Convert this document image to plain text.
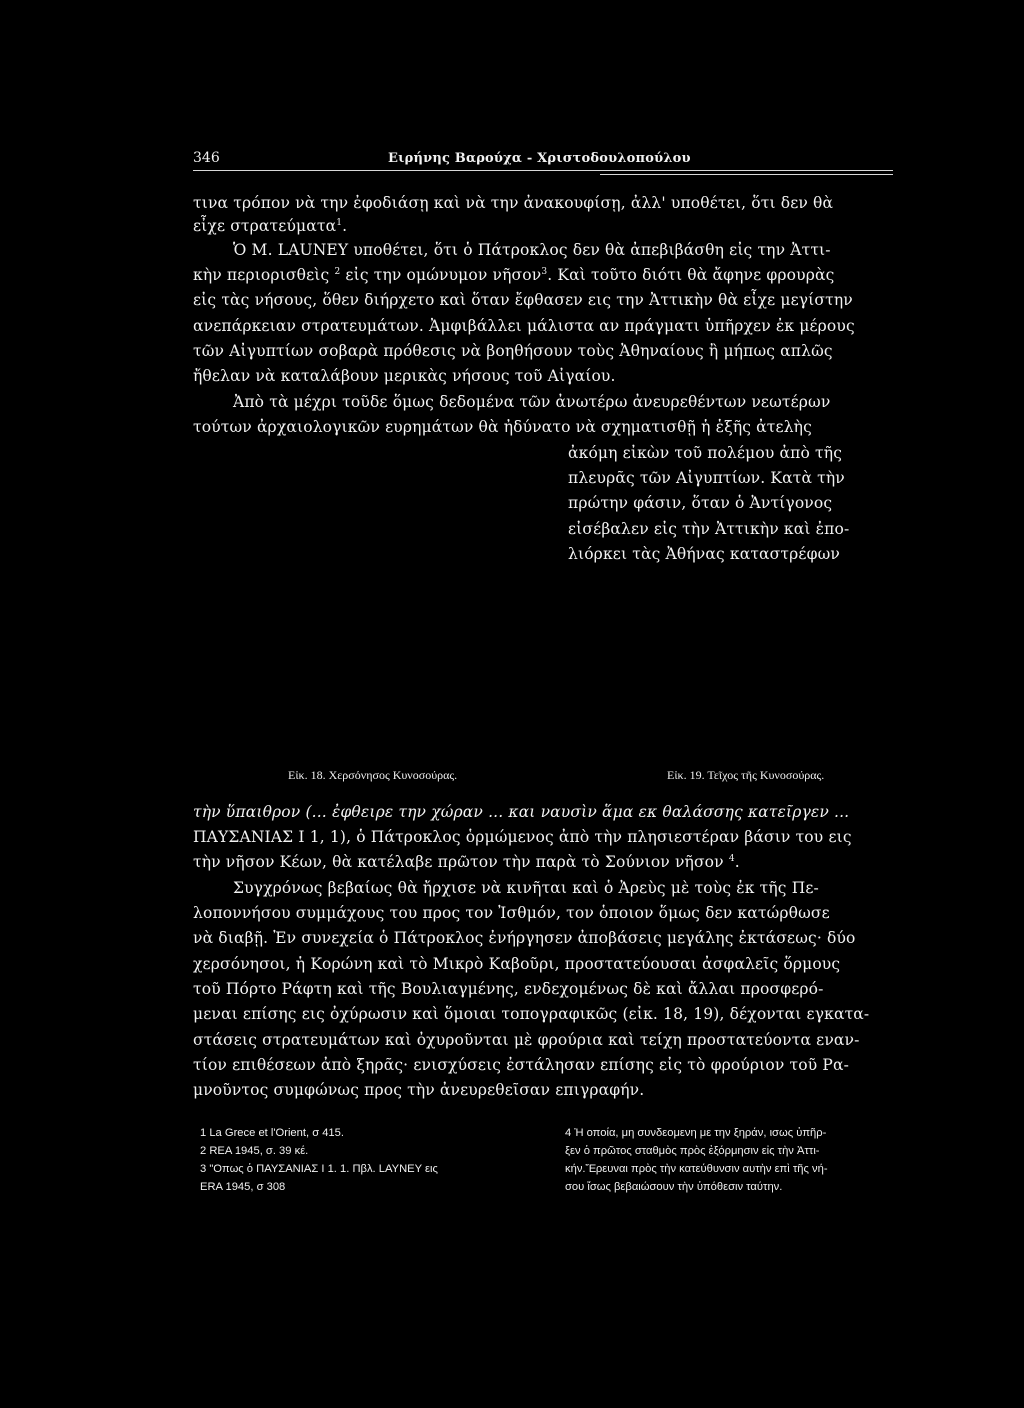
346	Ειρήνης Βαρούχα - Χριστοδουλοπούλου
τινα τρόπον νὰ την ἐφοδιάσῃ καὶ νὰ την ἀνακουφίσῃ, ἀλλ' υποθέτει, ὅτι δεν θὰ
εἶχε στρατεύματα$^1$.
Ὁ Μ. LAUNEY υποθέτει, ὅτι ὁ Πάτροκλος δεν θὰ ἀπεβιβάσθη εἰς την Ἀττι-
κὴν περιορισθεὶς $^2$ εἰς την ομώνυμον νῆσον$^3$. Καὶ τοῦτο διότι θὰ ἄφηνε φρουρὰς
εἰς τὰς νήσους, ὅθεν διήρχετο καὶ ὅταν ἔφθασεν εις την Ἀττικὴν θὰ εἶχε μεγίστην
ανεπάρκειαν στρατευμάτων. Ἀμφιβάλλει μάλιστα αν πράγματι ὑπῆρχεν ἐκ μέρους
τῶν Αἰγυπτίων σοβαρὰ πρόθεσις νὰ βοηθήσουν τοὺς Ἀθηναίους ἢ μήπως απλῶς
ἤθελαν νὰ καταλάβουν μερικὰς νήσους τοῦ Αἰγαίου.
Ἀπὸ τὰ μέχρι τοῦδε ὅμως δεδομένα τῶν ἀνωτέρω ἀνευρεθέντων νεωτέρων
τούτων ἀρχαιολογικῶν ευρημάτων θὰ ἠδύνατο νὰ σχηματισθῇ ἡ ἑξῆς ἀτελὴς
ἀκόμη εἰκὼν τοῦ πολέμου ἀπὸ τῆς
πλευρᾶς τῶν Αἰγυπτίων. Κατὰ τὴν
πρώτην φάσιν, ὅταν ὁ Ἀντίγονος
εἰσέβαλεν εἰς τὴν Ἀττικὴν καὶ ἐπο-
λιόρκει τὰς Ἀθήνας καταστρέφων
Εἰκ. 18. Χερσόνησος Κυνοσούρας.	Εἰκ. 19. Τεῖχος τῆς Κυνοσούρας.
τὴν ὕπαιθρον (... ἐφθειρε την χώραν ... και ναυσὶν ἅμα εκ θαλάσσης κατεῖργεν ...
ΠΑΥΣΑΝΙΑΣ Ι 1, 1), ὁ Πάτροκλος ὁρμώμενος ἀπὸ τὴν πλησιεστέραν βάσιν του εις
τὴν νῆσον Κέων, θὰ κατέλαβε πρῶτον τὴν παρὰ τὸ Σούνιον νῆσον $^4$.
Συγχρόνως βεβαίως θὰ ἤρχισε νὰ κινῆται καὶ ὁ Ἀρεὺς μὲ τοὺς ἐκ τῆς Πε-
λοποννήσου συμμάχους του προς τον Ἰσθμόν, τον ὁποιον ὅμως δεν κατώρθωσε
νὰ διαβῇ. Ἐν συνεχεία ὁ Πάτροκλος ἐνήργησεν ἀποβάσεις μεγάλης ἐκτάσεως· δύο
χερσόνησοι, ἡ Κορώνη καὶ τὸ Μικρὸ Καβοῦρι, προστατεύουσαι ἀσφαλεῖς ὅρμους
τοῦ Πόρτο Ράφτη καὶ τῆς Βουλιαγμένης, ενδεχομένως δὲ καὶ ἄλλαι προσφερό-
μεναι επίσης εις ὀχύρωσιν καὶ ὅμοιαι τοπογραφικῶς (εἰκ. 18, 19), δέχονται εγκατα-
στάσεις στρατευμάτων καὶ ὀχυροῦνται μὲ φρούρια καὶ τείχη προστατεύοντα εναν-
τίον επιθέσεων ἀπὸ ξηρᾶς· ενισχύσεις ἐστάλησαν επίσης εἰς τὸ φρούριον τοῦ Ρα-
μνοῦντος συμφώνως προς τὴν ἀνευρεθεῖσαν επιγραφήν.
1 La Grece et l'Orient, σ 415.
2 REA 1945, σ. 39 κέ.
3 "Οπως ὁ ΠΑΥΣΑΝΙΑΣ Ι 1. 1. Πβλ. LAYNEY εις
ERA 1945, σ 308
4 Ἡ οποία, μη συνδεομενη με την ξηράν, ισως ὑπῆρ-
ξεν ὁ πρῶτος σταθμὸς πρὸς ἐξόρμησιν εἰς τὴν Ἀττι-
κήν.Ἔρευναι πρὸς τὴν κατεύθυνσιν αυτὴν επὶ τῆς νή-
σου ἴσως βεβαιώσουν τὴν ὑπόθεσιν ταύτην.
